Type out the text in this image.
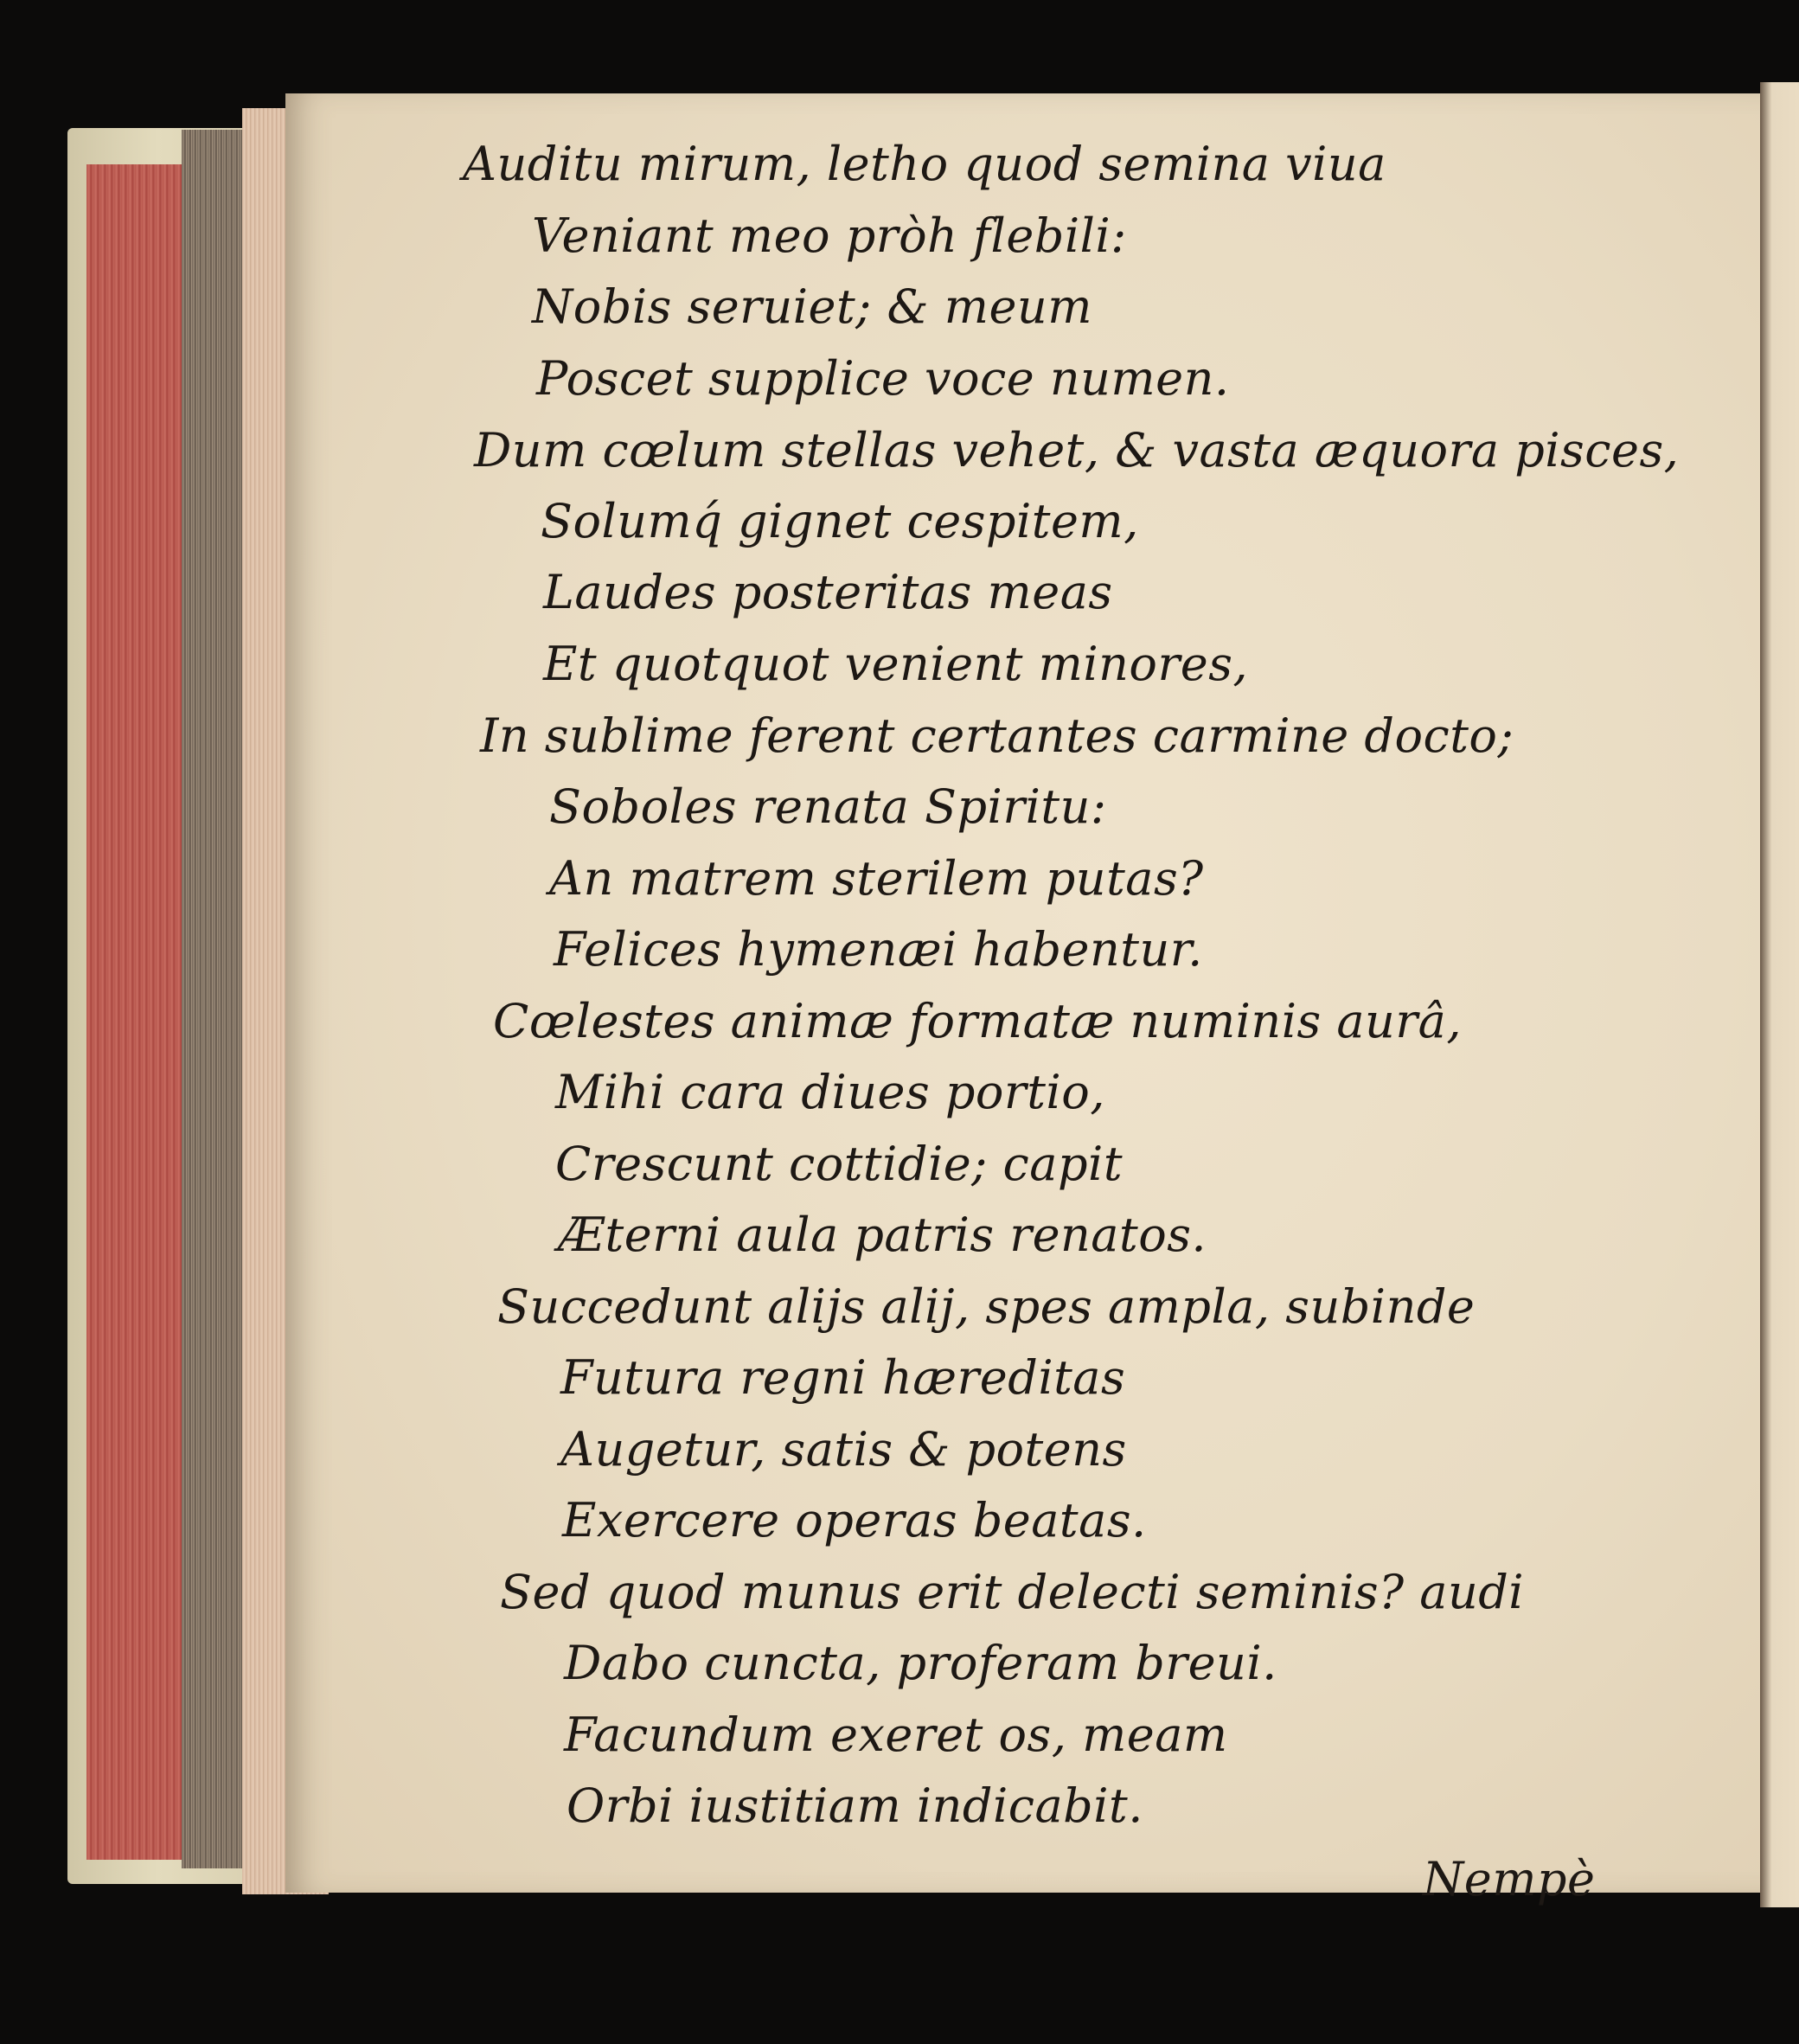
Auditu mirum, letho quod semina viua
Veniant meo pròh flebili:
Nobis seruiet; & meum
Poscet supplice voce numen.
Dum cœlum stellas vehet, & vasta æquora pisces,
Solumq́ gignet cespitem,
Laudes posteritas meas
Et quotquot venient minores,
In sublime ferent certantes carmine docto;
Soboles renata Spiritu:
An matrem sterilem putas?
Felices hymenæi habentur.
Cœlestes animæ formatæ numinis aurâ,
Mihi cara diues portio,
Crescunt cottidie; capit
Æterni aula patris renatos.
Succedunt alijs alij, spes ampla, subinde
Futura regni hæreditas
Augetur, satis & potens
Exercere operas beatas.
Sed quod munus erit delecti seminis? audi
Dabo cuncta, proferam breui.
Facundum exeret os, meam
Orbi iustitiam indicabit.
Nempè
